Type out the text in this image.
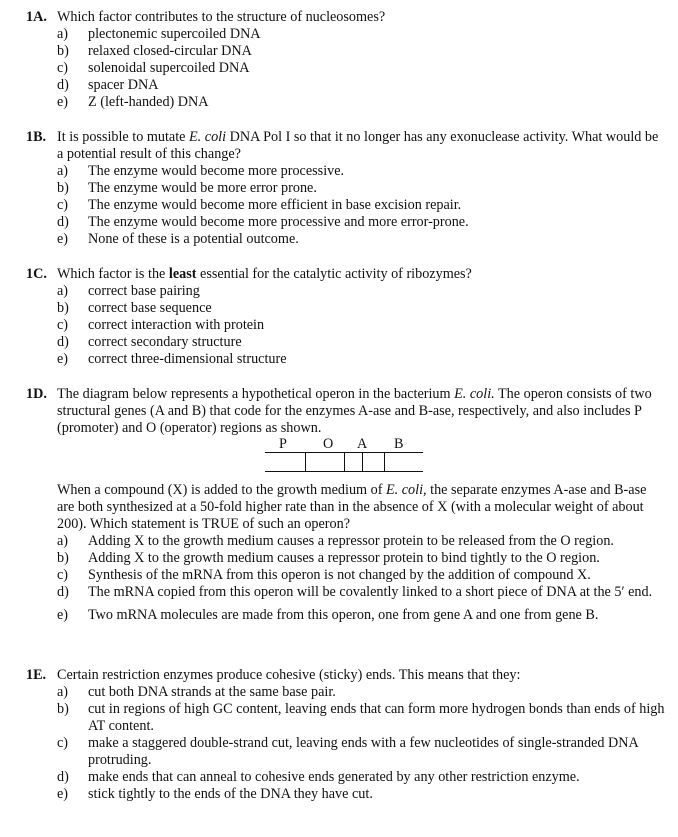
1A. Which factor contributes to the structure of nucleosomes?
a) plectonemic supercoiled DNA
b) relaxed closed-circular DNA
c) solenoidal supercoiled DNA
d) spacer DNA
e) Z (left-handed) DNA
1B. It is possible to mutate E. coli DNA Pol I so that it no longer has any exonuclease activity. What would be a potential result of this change?
a) The enzyme would become more processive.
b) The enzyme would be more error prone.
c) The enzyme would become more efficient in base excision repair.
d) The enzyme would become more processive and more error-prone.
e) None of these is a potential outcome.
1C. Which factor is the least essential for the catalytic activity of ribozymes?
a) correct base pairing
b) correct base sequence
c) correct interaction with protein
d) correct secondary structure
e) correct three-dimensional structure
1D. The diagram below represents a hypothetical operon in the bacterium E. coli. The operon consists of two structural genes (A and B) that code for the enzymes A-ase and B-ase, respectively, and also includes P (promoter) and O (operator) regions as shown.
P	O A B
When a compound (X) is added to the growth medium of E. coli, the separate enzymes A-ase and B-ase are both synthesized at a 50-fold higher rate than in the absence of X (with a molecular weight of about 200). Which statement is TRUE of such an operon?
a) Adding X to the growth medium causes a repressor protein to be released from the O region.
b) Adding X to the growth medium causes a repressor protein to bind tightly to the O region.
c) Synthesis of the mRNA from this operon is not changed by the addition of compound X.
d) The mRNA copied from this operon will be covalently linked to a short piece of DNA at the 5′ end.
e) Two mRNA molecules are made from this operon, one from gene A and one from gene B.
1E. Certain restriction enzymes produce cohesive (sticky) ends. This means that they:
a) cut both DNA strands at the same base pair.
b) cut in regions of high GC content, leaving ends that can form more hydrogen bonds than ends of high AT content.
c) make a staggered double-strand cut, leaving ends with a few nucleotides of single-stranded DNA protruding.
d) make ends that can anneal to cohesive ends generated by any other restriction enzyme.
e) stick tightly to the ends of the DNA they have cut.
